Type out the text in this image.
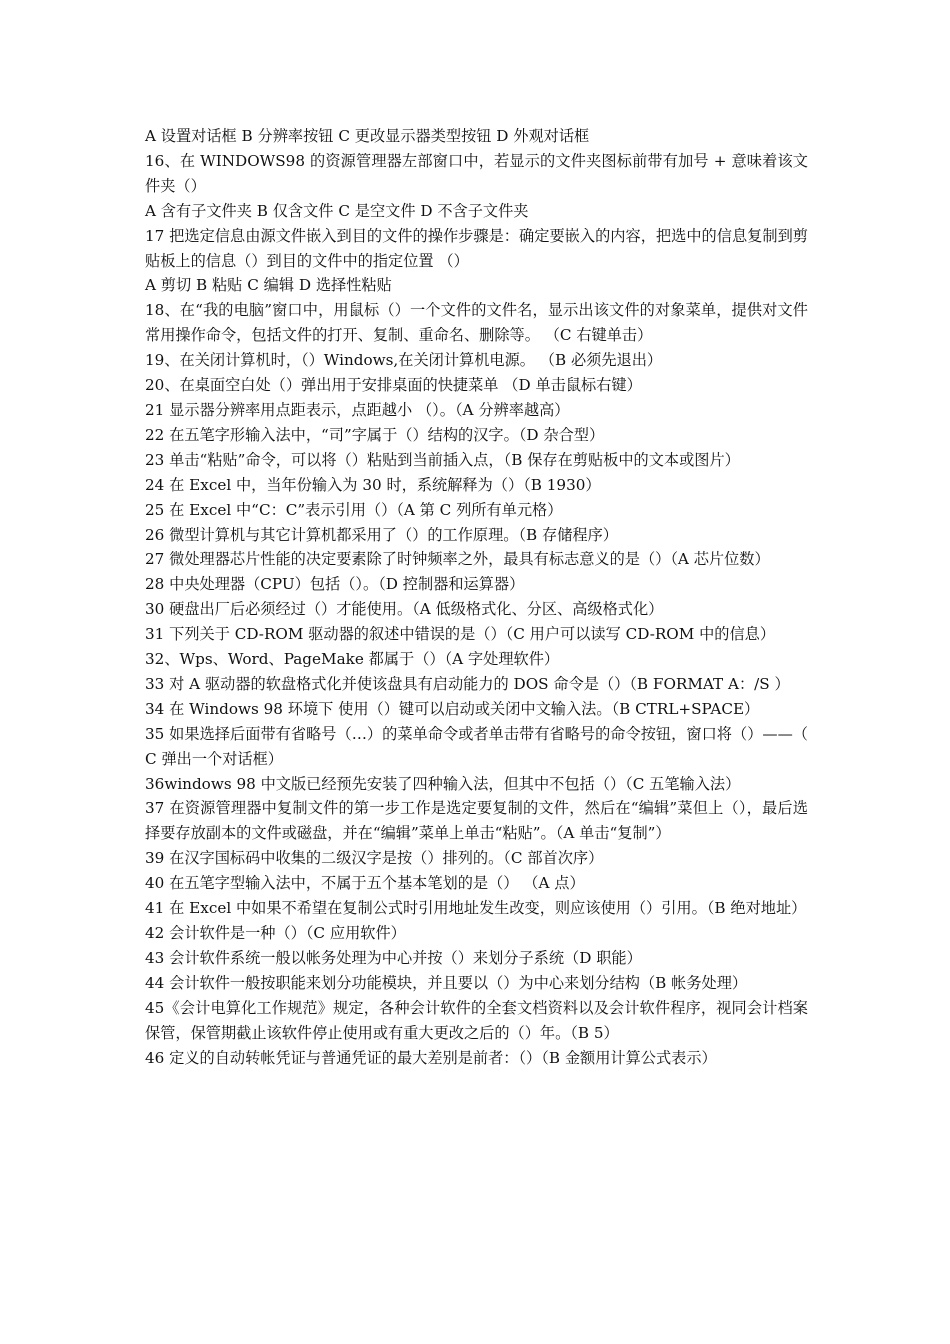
A 设置对话框 B 分辨率按钮 C 更改显示器类型按钮 D 外观对话框

16、在 WINDOWS98 的资源管理器左部窗口中，若显示的文件夹图标前带有加号 + 意味着该文件夹（）

A 含有子文件夹 B 仅含文件 C 是空文件 D 不含子文件夹

17 把选定信息由源文件嵌入到目的文件的操作步骤是：确定要嵌入的内容，把选中的信息复制到剪贴板上的信息（）到目的文件中的指定位置 （）

A 剪切 B 粘贴 C 编辑 D 选择性粘贴

18、在“我的电脑”窗口中，用鼠标（）一个文件的文件名，显示出该文件的对象菜单，提供对文件常用操作命令，包括文件的打开、复制、重命名、删除等。 （C 右键单击）

19、在关闭计算机时，（）Windows,在关闭计算机电源。 （B 必须先退出）

20、在桌面空白处（）弹出用于安排桌面的快捷菜单 （D 单击鼠标右键）

21 显示器分辨率用点距表示，点距越小 （）。（A 分辨率越高）

22 在五笔字形输入法中，“司”字属于（）结构的汉字。（D 杂合型）

23 单击“粘贴”命令，可以将（）粘贴到当前插入点，（B 保存在剪贴板中的文本或图片）

24 在 Excel 中，当年份输入为 30 时，系统解释为（）（B 1930）

25 在 Excel 中“C：C”表示引用（）（A 第 C 列所有单元格）

26 微型计算机与其它计算机都采用了（）的工作原理。（B 存储程序）

27 微处理器芯片性能的决定要素除了时钟频率之外，最具有标志意义的是（）（A 芯片位数）

28 中央处理器（CPU）包括（）。（D 控制器和运算器）

30 硬盘出厂后必须经过（）才能使用。（A 低级格式化、分区、高级格式化）

31 下列关于 CD-ROM 驱动器的叙述中错误的是（）（C 用户可以读写 CD-ROM 中的信息）

32、Wps、Word、PageMake 都属于（）（A 字处理软件）

33 对 A 驱动器的软盘格式化并使该盘具有启动能力的 DOS 命令是（）（B FORMAT A：/S ）

34 在 Windows 98 环境下 使用（）键可以启动或关闭中文输入法。（B CTRL+SPACE）

35 如果选择后面带有省略号（…）的菜单命令或者单击带有省略号的命令按钮，窗口将（）——（ C 弹出一个对话框）

36windows 98 中文版已经预先安装了四种输入法，但其中不包括（）（C 五笔输入法）

37 在资源管理器中复制文件的第一步工作是选定要复制的文件，然后在“编辑”菜但上（），最后选择要存放副本的文件或磁盘，并在“编辑”菜单上单击“粘贴”。（A 单击“复制”）

39 在汉字国标码中收集的二级汉字是按（）排列的。（C 部首次序）

40 在五笔字型输入法中，不属于五个基本笔划的是（） （A 点）

41 在 Excel 中如果不希望在复制公式时引用地址发生改变，则应该使用（）引用。（B 绝对地址）

42 会计软件是一种（）（C 应用软件）

43 会计软件系统一般以帐务处理为中心并按（）来划分子系统（D 职能）

44 会计软件一般按职能来划分功能模块，并且要以（）为中心来划分结构（B 帐务处理）

45《会计电算化工作规范》规定，各种会计软件的全套文档资料以及会计软件程序，视同会计档案保管，保管期截止该软件停止使用或有重大更改之后的（）年。（B 5）

46 定义的自动转帐凭证与普通凭证的最大差别是前者：（）（B 金额用计算公式表示）
